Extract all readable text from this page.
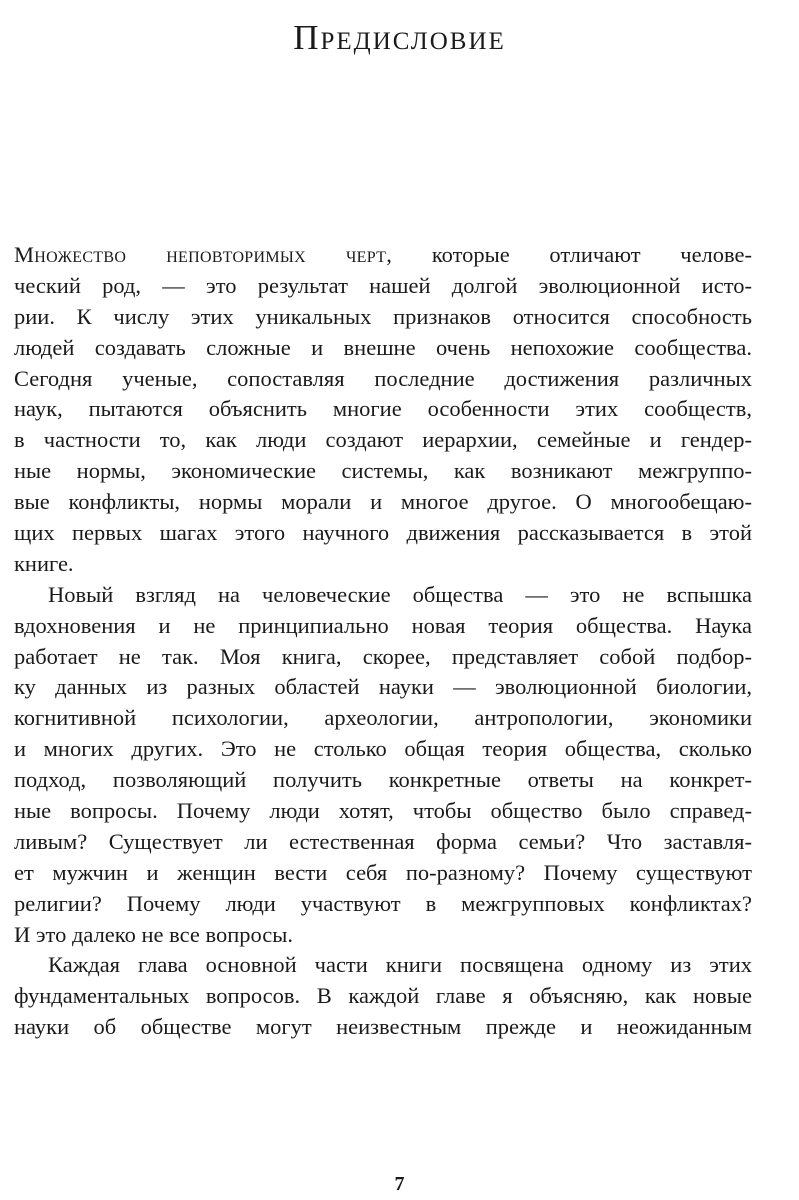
Предисловие
Множество неповторимых черт, которые отличают челове-
ческий род, — это результат нашей долгой эволюционной исто-
рии. К числу этих уникальных признаков относится способность
людей создавать сложные и внешне очень непохожие сообщества.
Сегодня ученые, сопоставляя последние достижения различных
наук, пытаются объяснить многие особенности этих сообществ,
в частности то, как люди создают иерархии, семейные и гендер-
ные нормы, экономические системы, как возникают межгруппо-
вые конфликты, нормы морали и многое другое. О многообещаю-
щих первых шагах этого научного движения рассказывается в этой
книге.
Новый взгляд на человеческие общества — это не вспышка
вдохновения и не принципиально новая теория общества. Наука
работает не так. Моя книга, скорее, представляет собой подбор-
ку данных из разных областей науки — эволюционной биологии,
когнитивной психологии, археологии, антропологии, экономики
и многих других. Это не столько общая теория общества, сколько
подход, позволяющий получить конкретные ответы на конкрет-
ные вопросы. Почему люди хотят, чтобы общество было справед-
ливым? Существует ли естественная форма семьи? Что заставля-
ет мужчин и женщин вести себя по-разному? Почему существуют
религии? Почему люди участвуют в межгрупповых конфликтах?
И это далеко не все вопросы.
Каждая глава основной части книги посвящена одному из этих
фундаментальных вопросов. В каждой главе я объясняю, как новые
науки об обществе могут неизвестным прежде и неожиданным
7
